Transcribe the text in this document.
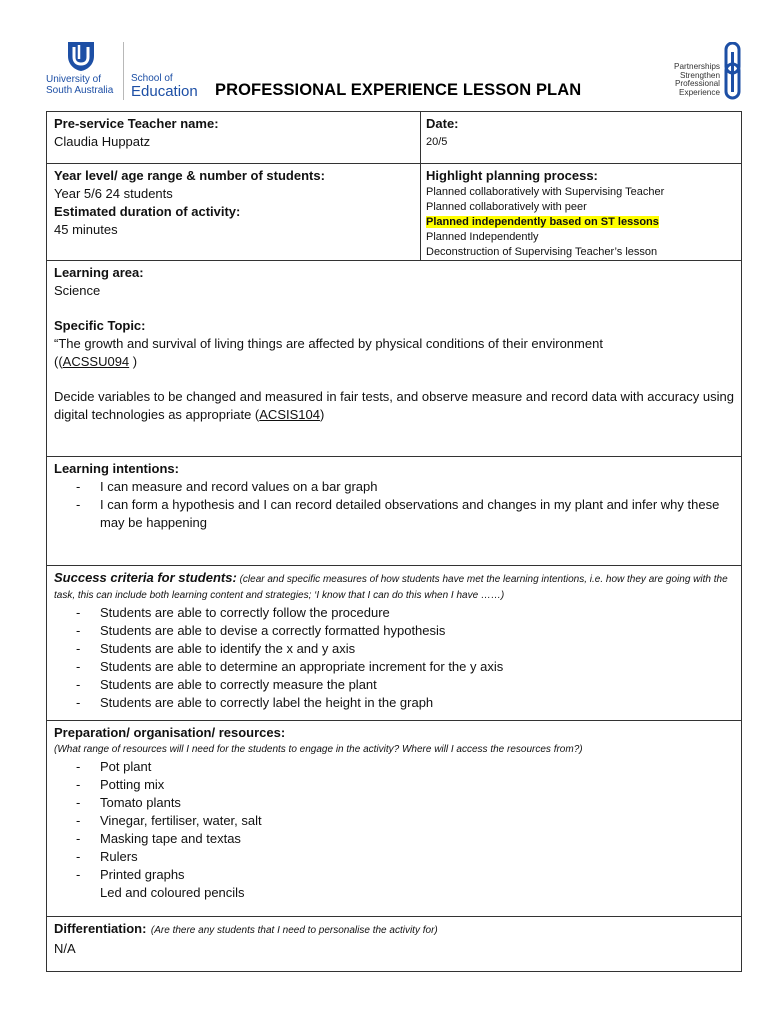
University of
South Australia
School of
Education PROFESSIONAL EXPERIENCE LESSON PLAN
Partnerships
Strengthen
Professional
Experience
Pre-service Teacher name:
Claudia Huppatz
Date:
20/5
Year level/ age range & number of students:
Year 5/6 24 students
Estimated duration of activity:
45 minutes
Highlight planning process:
Planned collaboratively with Supervising Teacher
Planned collaboratively with peer
Planned independently based on ST lessons
Planned Independently
Deconstruction of Supervising Teacher’s lesson
Learning area:
Science
Specific Topic:
“The growth and survival of living things are affected by physical conditions of their environment
((ACSSU094 )
Decide variables to be changed and measured in fair tests, and observe measure and record data with accuracy using digital technologies as appropriate (ACSIS104)
Learning intentions:
- I can measure and record values on a bar graph
- I can form a hypothesis and I can record detailed observations and changes in my plant and infer why these may be happening
Success criteria for students: (clear and specific measures of how students have met the learning intentions, i.e. how they are going with the task, this can include both learning content and strategies; ‘I know that I can do this when I have ……)
- Students are able to correctly follow the procedure
- Students are able to devise a correctly formatted hypothesis
- Students are able to identify the x and y axis
- Students are able to determine an appropriate increment for the y axis
- Students are able to correctly measure the plant
- Students are able to correctly label the height in the graph
Preparation/ organisation/ resources:
(What range of resources will I need for the students to engage in the activity? Where will I access the resources from?)
- Pot plant
- Potting mix
- Tomato plants
- Vinegar, fertiliser, water, salt
- Masking tape and textas
- Rulers
- Printed graphs
Led and coloured pencils
Differentiation: (Are there any students that I need to personalise the activity for)
N/A
